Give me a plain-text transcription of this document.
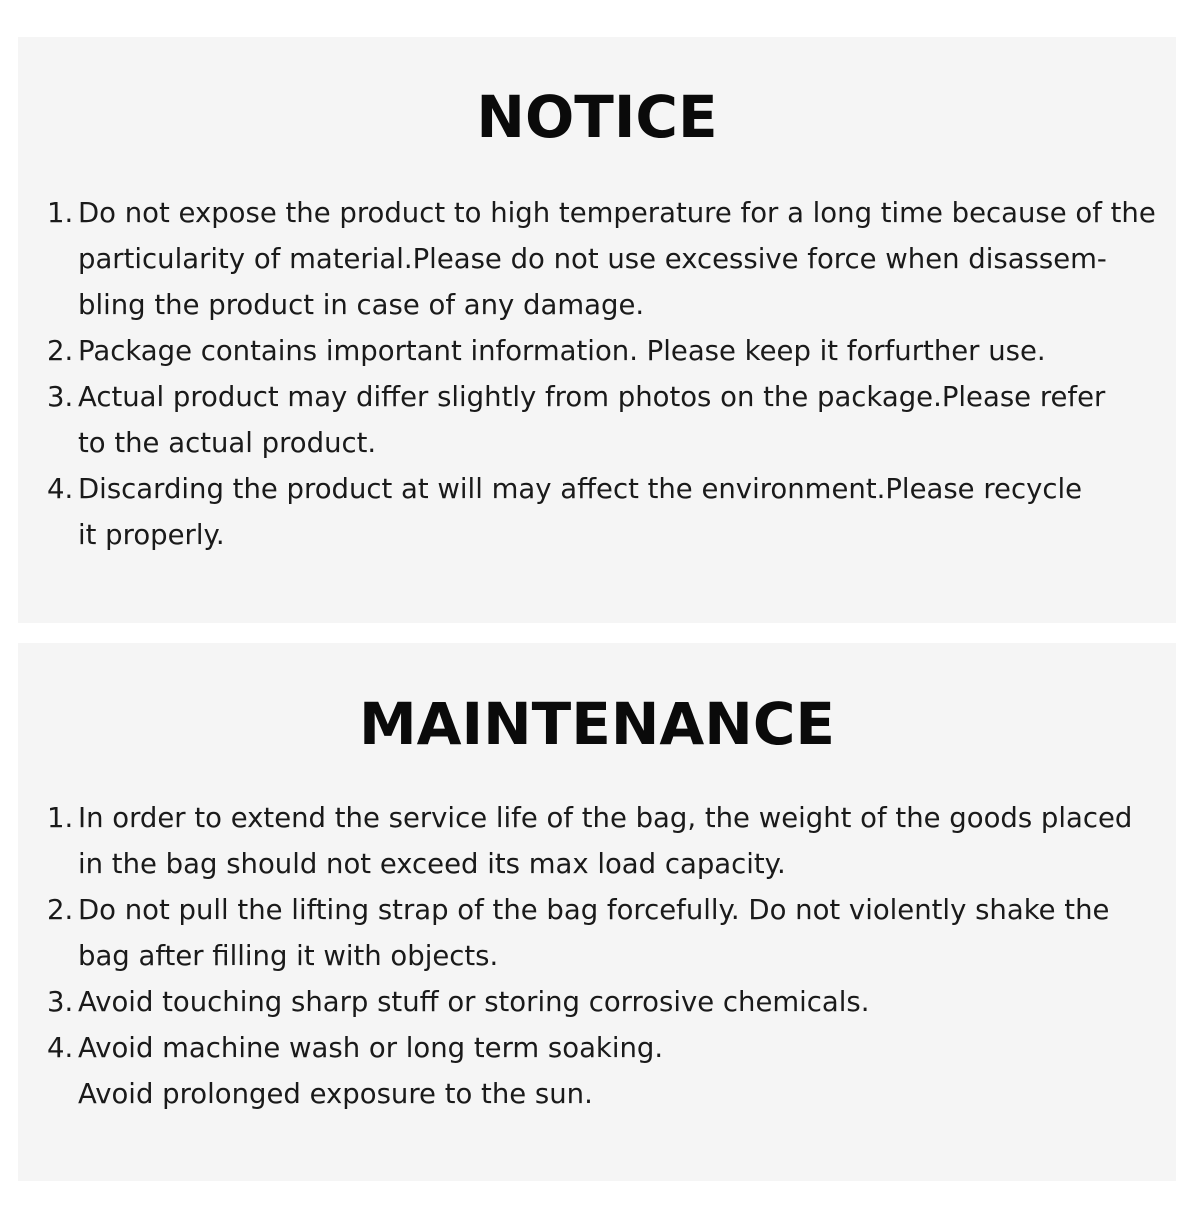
NOTICE
1. Do not expose the product to high temperature for a long time because of the
particularity of material.Please do not use excessive force when disassem-
bling the product in case of any damage.
2. Package contains important information. Please keep it forfurther use.
3. Actual product may differ slightly from photos on the package.Please refer
to the actual product.
4. Discarding the product at will may affect the environment.Please recycle
it properly.
MAINTENANCE
1. In order to extend the service life of the bag, the weight of the goods placed
in the bag should not exceed its max load capacity.
2. Do not pull the lifting strap of the bag forcefully. Do not violently shake the
bag after filling it with objects.
3. Avoid touching sharp stuff or storing corrosive chemicals.
4. Avoid machine wash or long term soaking.
Avoid prolonged exposure to the sun.
